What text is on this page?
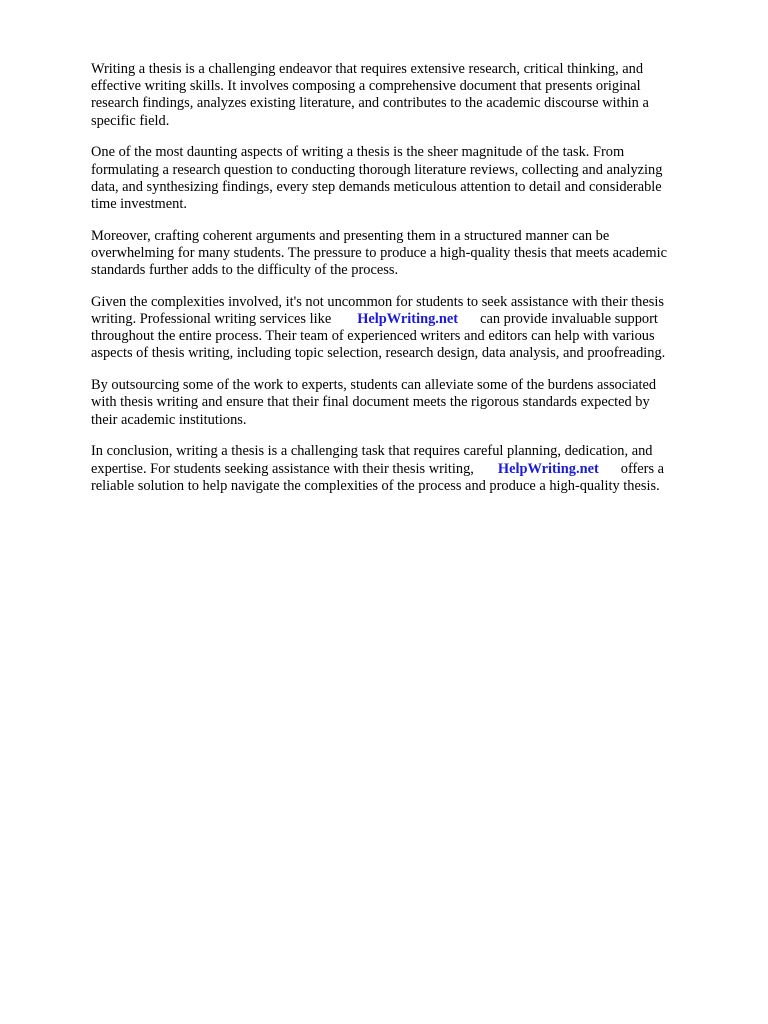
Writing a thesis is a challenging endeavor that requires extensive research, critical thinking, and
effective writing skills. It involves composing a comprehensive document that presents original
research findings, analyzes existing literature, and contributes to the academic discourse within a
specific field.

One of the most daunting aspects of writing a thesis is the sheer magnitude of the task. From
formulating a research question to conducting thorough literature reviews, collecting and analyzing
data, and synthesizing findings, every step demands meticulous attention to detail and considerable
time investment.

Moreover, crafting coherent arguments and presenting them in a structured manner can be
overwhelming for many students. The pressure to produce a high-quality thesis that meets academic
standards further adds to the difficulty of the process.

Given the complexities involved, it's not uncommon for students to seek assistance with their thesis
writing. Professional writing services like HelpWriting.net can provide invaluable support
throughout the entire process. Their team of experienced writers and editors can help with various
aspects of thesis writing, including topic selection, research design, data analysis, and proofreading.

By outsourcing some of the work to experts, students can alleviate some of the burdens associated
with thesis writing and ensure that their final document meets the rigorous standards expected by
their academic institutions.

In conclusion, writing a thesis is a challenging task that requires careful planning, dedication, and
expertise. For students seeking assistance with their thesis writing, HelpWriting.net offers a
reliable solution to help navigate the complexities of the process and produce a high-quality thesis.
